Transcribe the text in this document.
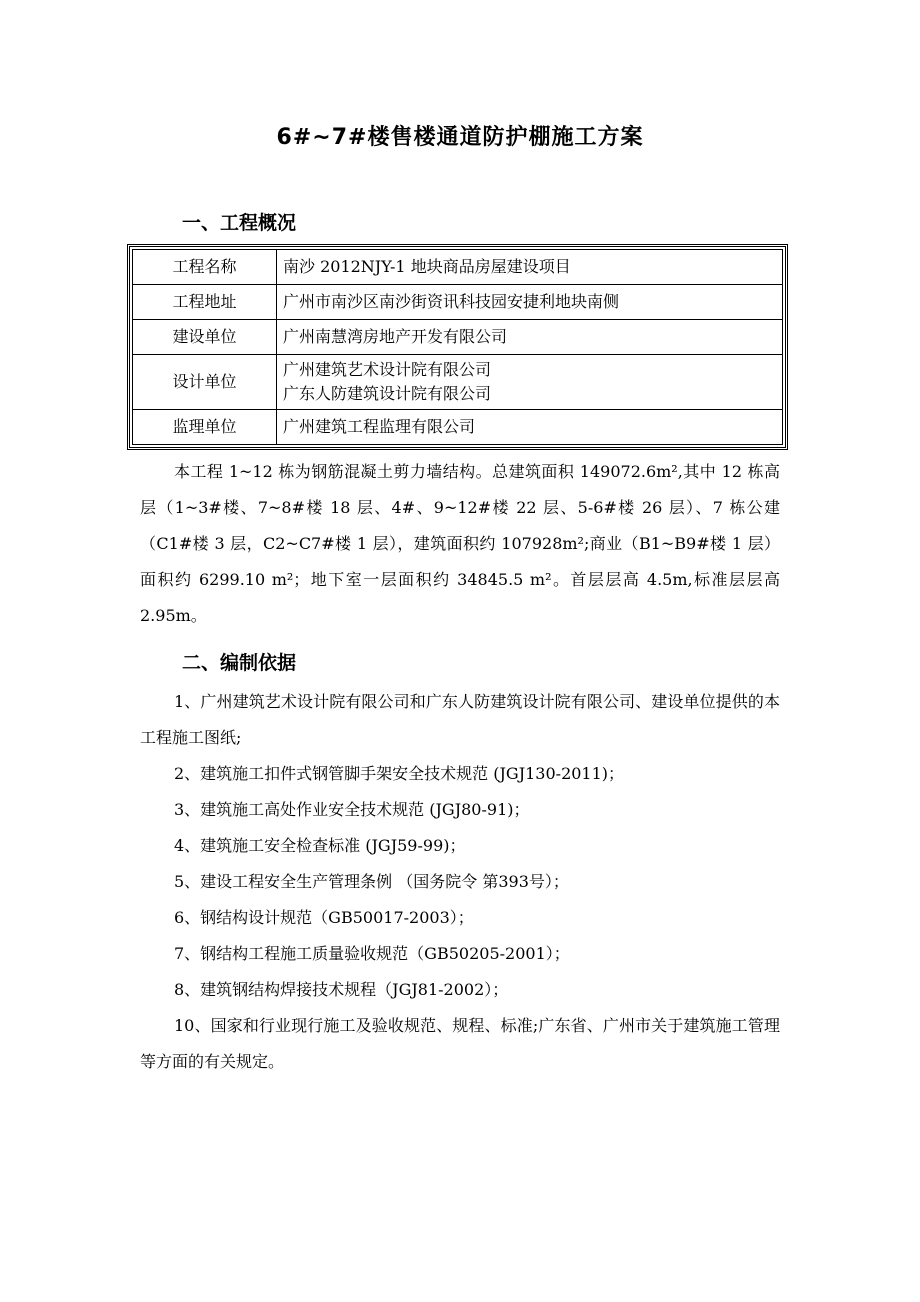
6#~7#楼售楼通道防护棚施工方案
一、工程概况
工程名称	南沙 2012NJY-1 地块商品房屋建设项目

工程地址	广州市南沙区南沙街资讯科技园安捷利地块南侧

建设单位	广州南慧湾房地产开发有限公司

设计单位	广州建筑艺术设计院有限公司
广东人防建筑设计院有限公司

监理单位	广州建筑工程监理有限公司
本工程 1~12 栋为钢筋混凝土剪力墙结构。总建筑面积 149072.6m²,其中 12 栋高层（1~3#楼、7~8#楼 18 层、4#、9~12#楼 22 层、5-6#楼 26 层）、7 栋公建（C1#楼 3 层，C2~C7#楼 1 层），建筑面积约 107928m²;商业（B1~B9#楼 1 层）面积约 6299.10 m²；地下室一层面积约 34845.5 m²。首层层高 4.5m,标准层层高 2.95m。
二、编制依据

1、广州建筑艺术设计院有限公司和广东人防建筑设计院有限公司、建设单位提供的本工程施工图纸;

2、建筑施工扣件式钢管脚手架安全技术规范 (JGJ130-2011)；

3、建筑施工高处作业安全技术规范 (JGJ80-91)；

4、建筑施工安全检查标准 (JGJ59-99)；

5、建设工程安全生产管理条例 （国务院令 第393号）；

6、钢结构设计规范（GB50017-2003）；

7、钢结构工程施工质量验收规范（GB50205-2001）；

8、建筑钢结构焊接技术规程（JGJ81-2002）；

10、国家和行业现行施工及验收规范、规程、标准;广东省、广州市关于建筑施工管理等方面的有关规定。
